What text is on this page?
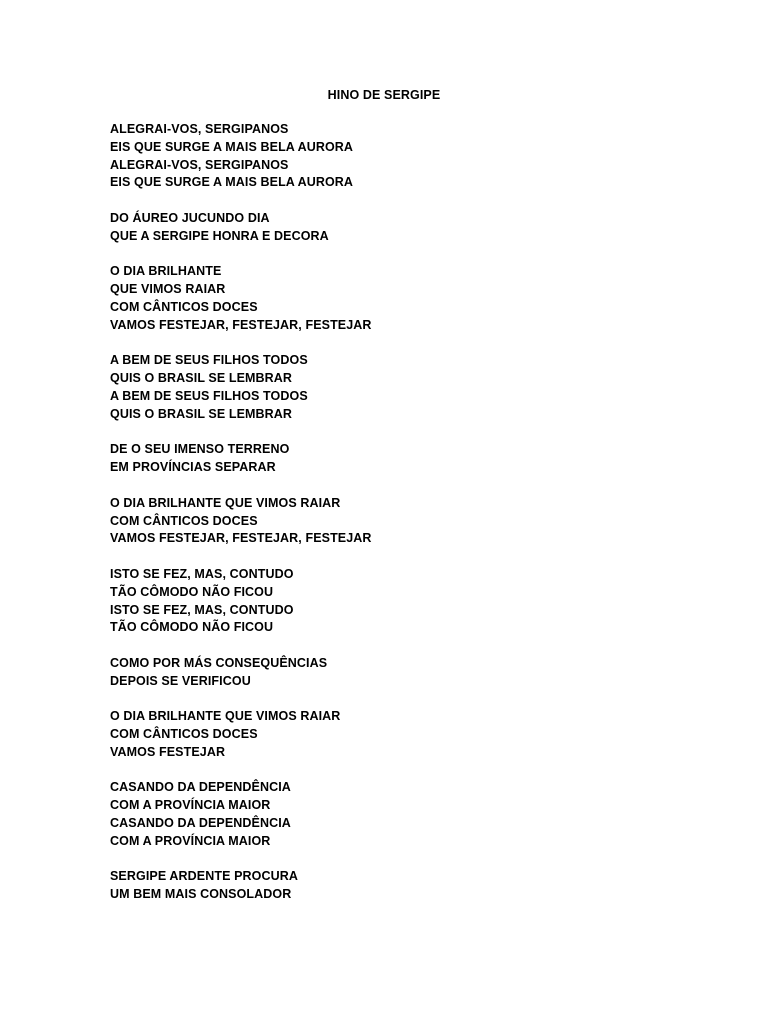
HINO DE SERGIPE
ALEGRAI-VOS, SERGIPANOS
EIS QUE SURGE A MAIS BELA AURORA
ALEGRAI-VOS, SERGIPANOS
EIS QUE SURGE A MAIS BELA AURORA
DO ÁUREO JUCUNDO DIA
QUE A SERGIPE HONRA E DECORA
O DIA BRILHANTE
QUE VIMOS RAIAR
COM CÂNTICOS DOCES
VAMOS FESTEJAR, FESTEJAR, FESTEJAR
A BEM DE SEUS FILHOS TODOS
QUIS O BRASIL SE LEMBRAR
A BEM DE SEUS FILHOS TODOS
QUIS O BRASIL SE LEMBRAR
DE O SEU IMENSO TERRENO
EM PROVÍNCIAS SEPARAR
O DIA BRILHANTE QUE VIMOS RAIAR
COM CÂNTICOS DOCES
VAMOS FESTEJAR, FESTEJAR, FESTEJAR
ISTO SE FEZ, MAS, CONTUDO
TÃO CÔMODO NÃO FICOU
ISTO SE FEZ, MAS, CONTUDO
TÃO CÔMODO NÃO FICOU
COMO POR MÁS CONSEQUÊNCIAS
DEPOIS SE VERIFICOU
O DIA BRILHANTE QUE VIMOS RAIAR
COM CÂNTICOS DOCES
VAMOS FESTEJAR
CASANDO DA DEPENDÊNCIA
COM A PROVÍNCIA MAIOR
CASANDO DA DEPENDÊNCIA
COM A PROVÍNCIA MAIOR
SERGIPE ARDENTE PROCURA
UM BEM MAIS CONSOLADOR
